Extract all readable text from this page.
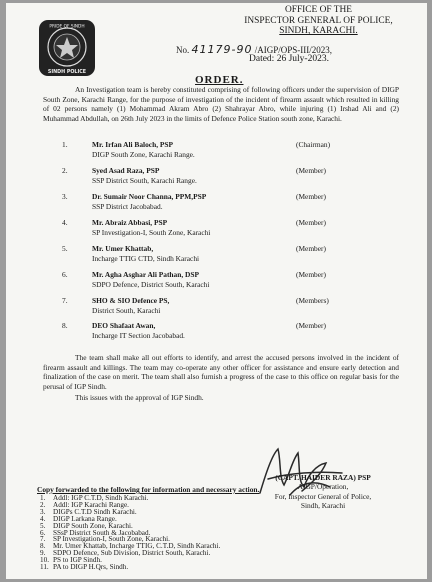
PRIDE OF SINDH
SINDH POLICE
OFFICE OF THE
INSPECTOR GENERAL OF POLICE,
SINDH, KARACHI.
No. 41179-90 /AIGP/OPS-III/2023,
Dated: 26 July-2023.
ORDER.
An Investigation team is hereby constituted comprising of following officers under the supervision of DIGP South Zone, Karachi Range, for the purpose of investigation of the incident of firearm assault which resulted in killing of 02 persons namely (1) Mohammad Akram Abro (2) Shahrayar Abro, while injuring (1) Irshad Ali and (2) Muhammad Abdullah, on 26th July 2023 in the limits of Defence Police Station south zone, Karachi.
1.	Mr. Irfan Ali Baloch, PSP
DIGP South Zone, Karachi Range.
(Chairman)
2.	Syed Asad Raza, PSP
SSP District South, Karachi Range.
(Member)
3.	Dr. Sumair Noor Channa, PPM,PSP
SSP District Jacobabad.
(Member)
4.	Mr. Abraiz Abbasi, PSP
SP Investigation-I, South Zone, Karachi
(Member)
5.	Mr. Umer Khattab,
Incharge TTIG CTD, Sindh Karachi
(Member)
6.	Mr. Agha Asghar Ali Pathan, DSP
SDPO Defence, District South, Karachi
(Member)
7.	SHO & SIO Defence PS,
District South, Karachi
(Members)
8.	DEO Shafaat Awan,
Incharge IT Section Jacobabad.
(Member)
The team shall make all out efforts to identify, and arrest the accused persons involved in the incident of firearm assault and killings. The team may co-operate any other officer for assistance and ensure early detection and finalization of the case on merit. The team shall also furnish a progress of the case to this office on regular basis for the perusal of IGP Sindh.
This issues with the approval of IGP Sindh.
(CAPT. HAIDER RAZA) PSP
AIGP/Operation,
For, Inspector General of Police,
Sindh, Karachi
Copy forwarded to the following for information and necessary action.
1. Addl: IGP C.T.D, Sindh Karachi.
2. Addl: IGP Karachi Range.
3. DIGPs C.T.D Sindh Karachi.
4. DIGP Larkana Range.
5. DIGP South Zone, Karachi.
6. SSsP District South & Jacobabad.
7. SP Investigation-I, South Zone, Karachi.
8. Mr. Umer Khattab, Incharge TTIG, C.T.D, Sindh Karachi.
9. SDPO Defence, Sub Division, District South, Karachi.
10. PS to IGP Sindh.
11. PA to DIGP H.Qrs, Sindh.
